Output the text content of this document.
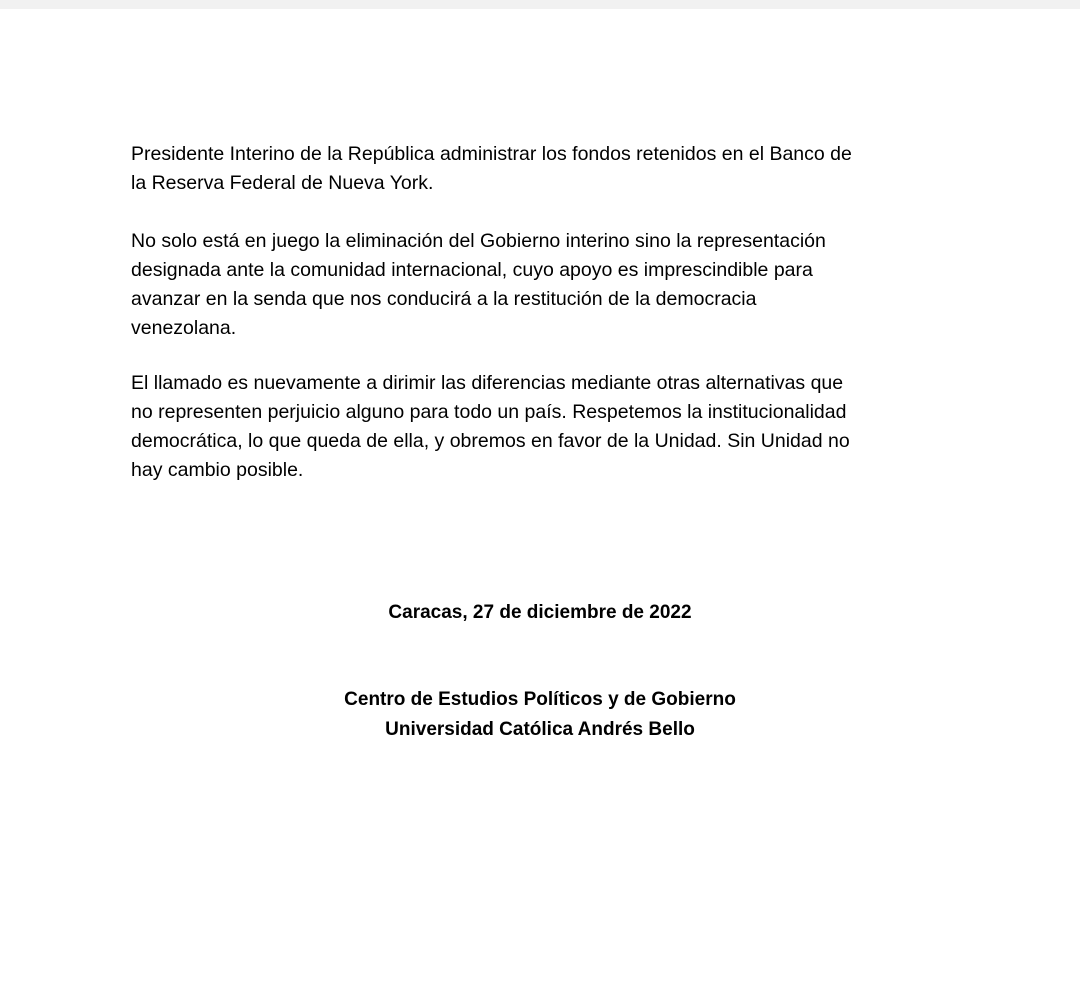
Presidente Interino de la República administrar los fondos retenidos en el Banco de
la Reserva Federal de Nueva York.

No solo está en juego la eliminación del Gobierno interino sino la representación
designada ante la comunidad internacional, cuyo apoyo es imprescindible para
avanzar en la senda que nos conducirá a la restitución de la democracia
venezolana.

El llamado es nuevamente a dirimir las diferencias mediante otras alternativas que
no representen perjuicio alguno para todo un país. Respetemos la institucionalidad
democrática, lo que queda de ella, y obremos en favor de la Unidad. Sin Unidad no
hay cambio posible.

Caracas, 27 de diciembre de 2022

Centro de Estudios Políticos y de Gobierno

Universidad Católica Andrés Bello
